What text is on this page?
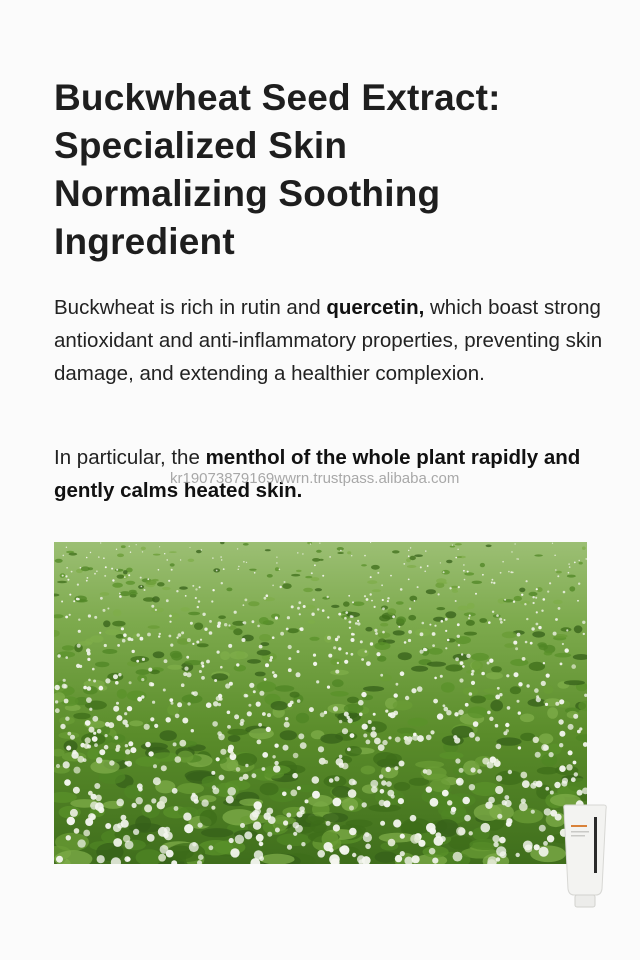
Buckwheat Seed Extract:
Specialized Skin
Normalizing Soothing
Ingredient

Buckwheat is rich in rutin and quercetin, which boast strong antioxidant and anti-inflammatory properties, preventing skin damage, and extending a healthier complexion.

In particular, the menthol of the whole plant rapidly and gently calms heated skin.

kr19073879169wwrn.trustpass.alibaba.com
